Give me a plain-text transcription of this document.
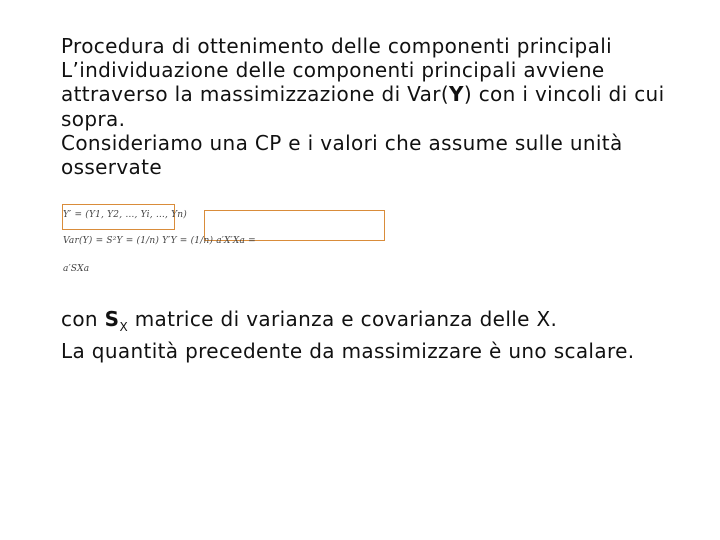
Procedura di ottenimento delle componenti principali
L’individuazione delle componenti principali avviene attraverso la massimizzazione di Var(Y) con i vincoli di cui sopra.
Consideriamo una CP e i valori che assume sulle unità osservate

Y′ = (Y1, Y2, …, Yi, …, Yn)
Var(Y) = S²Y = (1/n) Y′Y = (1/n) a′X′Xa =
a′SXa

con $S_X$ matrice di varianza e covarianza delle X.
La quantità precedente da massimizzare è uno scalare.
